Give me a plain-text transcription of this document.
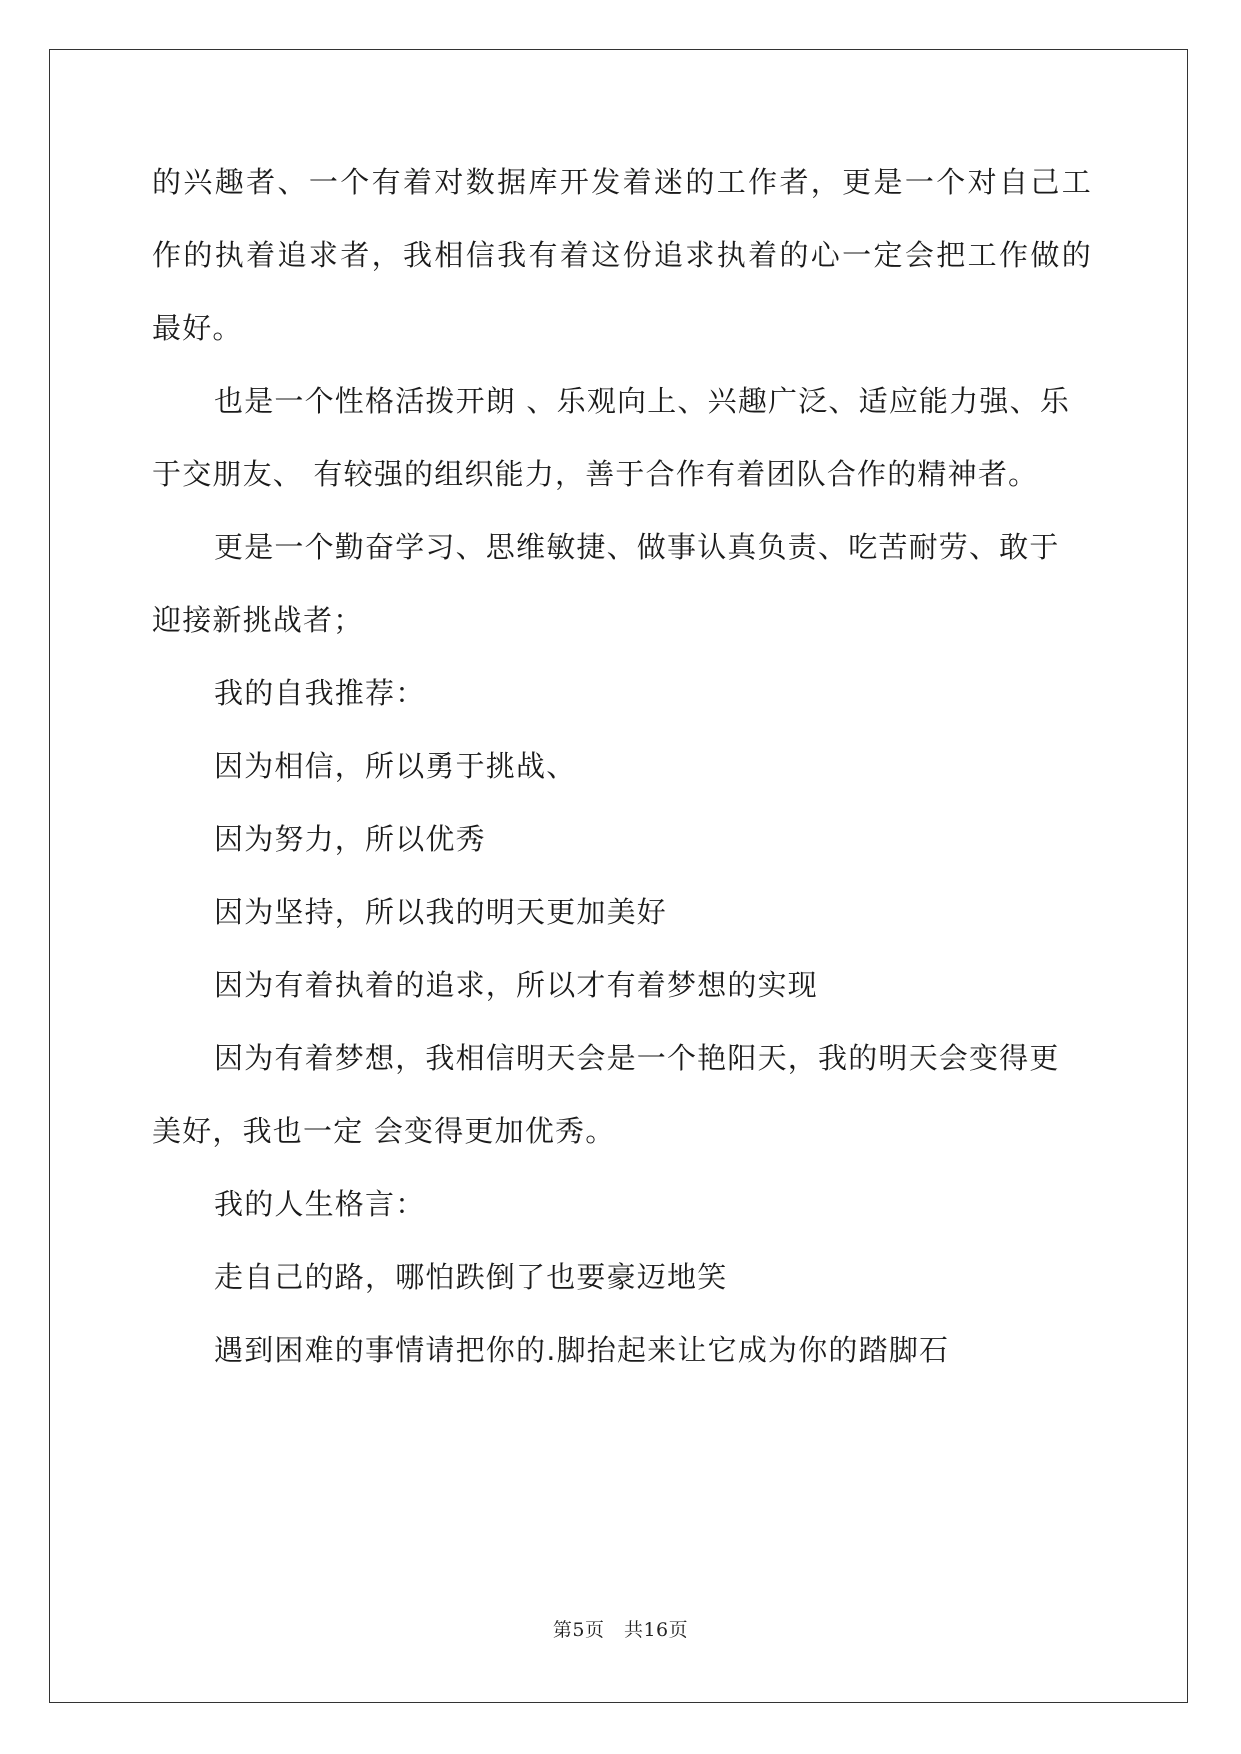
的兴趣者、一个有着对数据库开发着迷的工作者，更是一个对自己工
作的执着追求者，我相信我有着这份追求执着的心一定会把工作做的
最好。
也是一个性格活拨开朗 、乐观向上、兴趣广泛、适应能力强、乐
于交朋友、 有较强的组织能力，善于合作有着团队合作的精神者。
更是一个勤奋学习、思维敏捷、做事认真负责、吃苦耐劳、敢于
迎接新挑战者；
我的自我推荐：
因为相信，所以勇于挑战、
因为努力，所以优秀
因为坚持，所以我的明天更加美好
因为有着执着的追求，所以才有着梦想的实现
因为有着梦想，我相信明天会是一个艳阳天，我的明天会变得更
美好，我也一定 会变得更加优秀。
我的人生格言：
走自己的路，哪怕跌倒了也要豪迈地笑
遇到困难的事情请把你的.脚抬起来让它成为你的踏脚石
第5页　共16页
